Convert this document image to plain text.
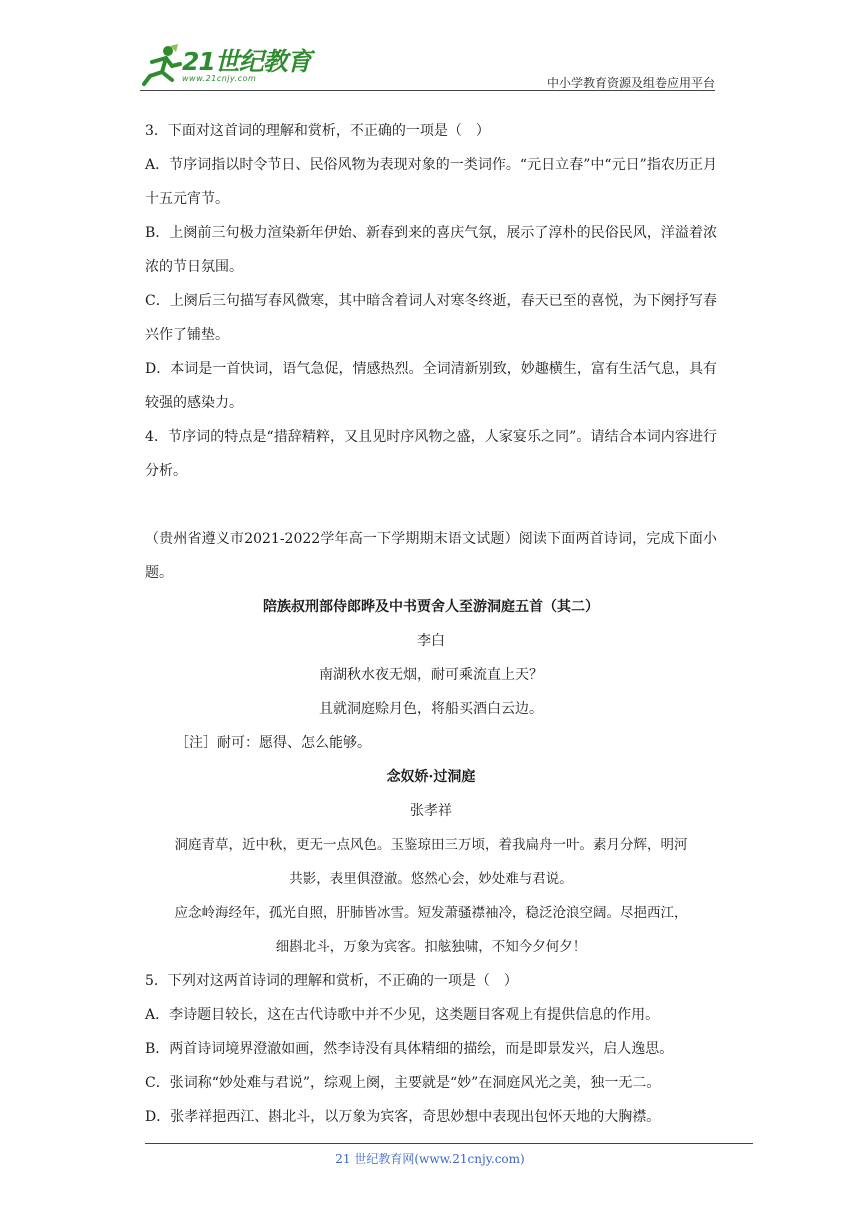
21世纪教育
www.21cnjy.com	中小学教育资源及组卷应用平台

3．下面对这首词的理解和赏析，不正确的一项是（　）

A．节序词指以时令节日、民俗风物为表现对象的一类词作。“元日立春”中“元日”指农历正月十五元宵节。

B．上阕前三句极力渲染新年伊始、新春到来的喜庆气氛，展示了淳朴的民俗民风，洋溢着浓浓的节日氛围。

C．上阕后三句描写春风微寒，其中暗含着词人对寒冬终逝，春天已至的喜悦，为下阕抒写春兴作了铺垫。

D．本词是一首快词，语气急促，情感热烈。全词清新别致，妙趣横生，富有生活气息，具有较强的感染力。

4．节序词的特点是“措辞精粹，又且见时序风物之盛，人家宴乐之同”。请结合本词内容进行分析。

（贵州省遵义市2021-2022学年高一下学期期末语文试题）阅读下面两首诗词，完成下面小题。

陪族叔刑部侍郎晔及中书贾舍人至游洞庭五首（其二）

李白

南湖秋水夜无烟，耐可乘流直上天？

且就洞庭赊月色，将船买酒白云边。

［注］耐可：愿得、怎么能够。

念奴娇·过洞庭

张孝祥

洞庭青草，近中秋，更无一点风色。玉鉴琼田三万顷，着我扁舟一叶。素月分辉，明河

共影，表里俱澄澈。悠然心会，妙处难与君说。

应念岭海经年，孤光自照，肝肺皆冰雪。短发萧骚襟袖冷，稳泛沧浪空阔。尽挹西江，

细斟北斗，万象为宾客。扣舷独啸，不知今夕何夕！

5．下列对这两首诗词的理解和赏析，不正确的一项是（　）

A．李诗题目较长，这在古代诗歌中并不少见，这类题目客观上有提供信息的作用。

B．两首诗词境界澄澈如画，然李诗没有具体精细的描绘，而是即景发兴，启人逸思。

C．张词称“妙处难与君说”，综观上阕，主要就是“妙”在洞庭风光之美，独一无二。

D．张孝祥挹西江、斟北斗，以万象为宾客，奇思妙想中表现出包怀天地的大胸襟。

21 世纪教育网(www.21cnjy.com)
